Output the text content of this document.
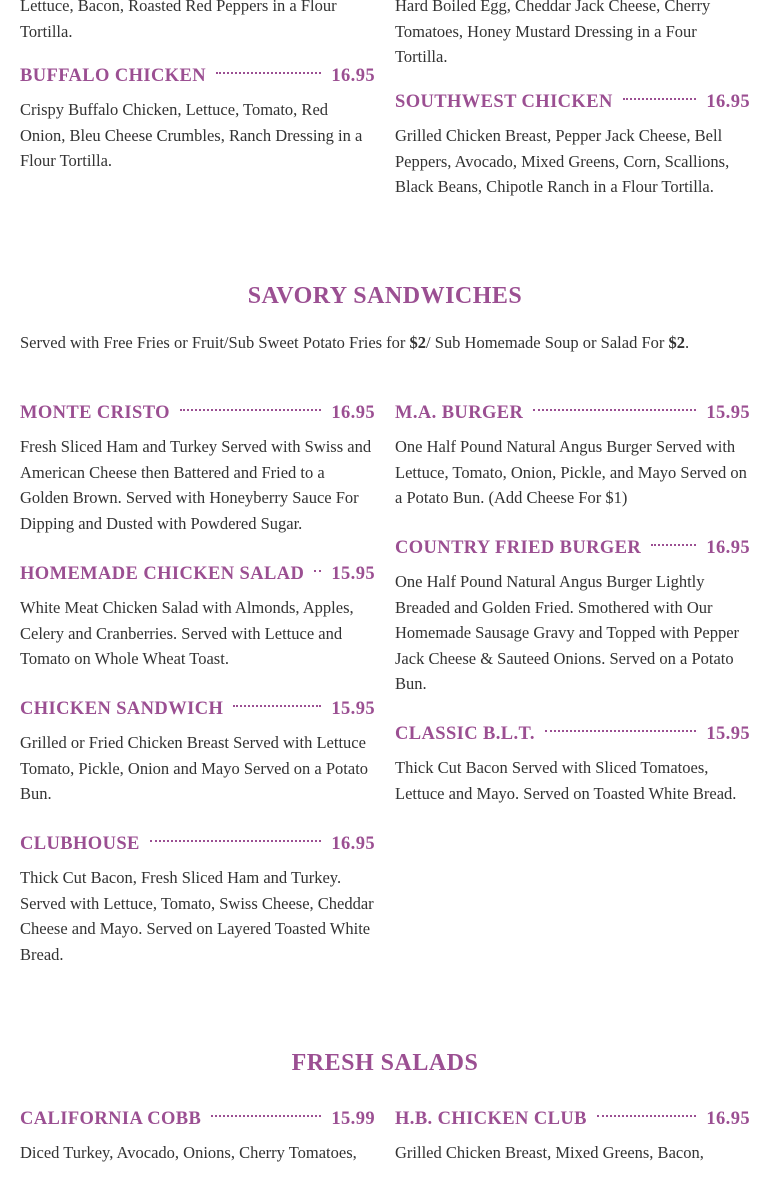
Lettuce, Bacon, Roasted Red Peppers in a Flour Tortilla.

Hard Boiled Egg, Cheddar Jack Cheese, Cherry Tomatoes, Honey Mustard Dressing in a Four Tortilla.

BUFFALO CHICKEN	16.95

Crispy Buffalo Chicken, Lettuce, Tomato, Red Onion, Bleu Cheese Crumbles, Ranch Dressing in a Flour Tortilla.

SOUTHWEST CHICKEN	16.95

Grilled Chicken Breast, Pepper Jack Cheese, Bell Peppers, Avocado, Mixed Greens, Corn, Scallions, Black Beans, Chipotle Ranch in a Flour Tortilla.

SAVORY SANDWICHES
Served with Free Fries or Fruit/Sub Sweet Potato Fries for $2/ Sub Homemade Soup or Salad For $2.
MONTE CRISTO	16.95

Fresh Sliced Ham and Turkey Served with Swiss and American Cheese then Battered and Fried to a Golden Brown. Served with Honeyberry Sauce For Dipping and Dusted with Powdered Sugar.

HOMEMADE CHICKEN SALAD 15.95

White Meat Chicken Salad with Almonds, Apples, Celery and Cranberries. Served with Lettuce and Tomato on Whole Wheat Toast.

CHICKEN SANDWICH	15.95

Grilled or Fried Chicken Breast Served with Lettuce Tomato, Pickle, Onion and Mayo Served on a Potato Bun.

CLUBHOUSE	16.95

Thick Cut Bacon, Fresh Sliced Ham and Turkey. Served with Lettuce, Tomato, Swiss Cheese, Cheddar Cheese and Mayo. Served on Layered Toasted White Bread.

M.A. BURGER	15.95

One Half Pound Natural Angus Burger Served with Lettuce, Tomato, Onion, Pickle, and Mayo Served on a Potato Bun. (Add Cheese For $1)

COUNTRY FRIED BURGER	16.95

One Half Pound Natural Angus Burger Lightly Breaded and Golden Fried. Smothered with Our Homemade Sausage Gravy and Topped with Pepper Jack Cheese & Sauteed Onions. Served on a Potato Bun.

CLASSIC B.L.T.	15.95

Thick Cut Bacon Served with Sliced Tomatoes, Lettuce and Mayo. Served on Toasted White Bread.

FRESH SALADS
CALIFORNIA COBB	15.99

Diced Turkey, Avocado, Onions, Cherry Tomatoes,

H.B. CHICKEN CLUB	16.95

Grilled Chicken Breast, Mixed Greens, Bacon,
